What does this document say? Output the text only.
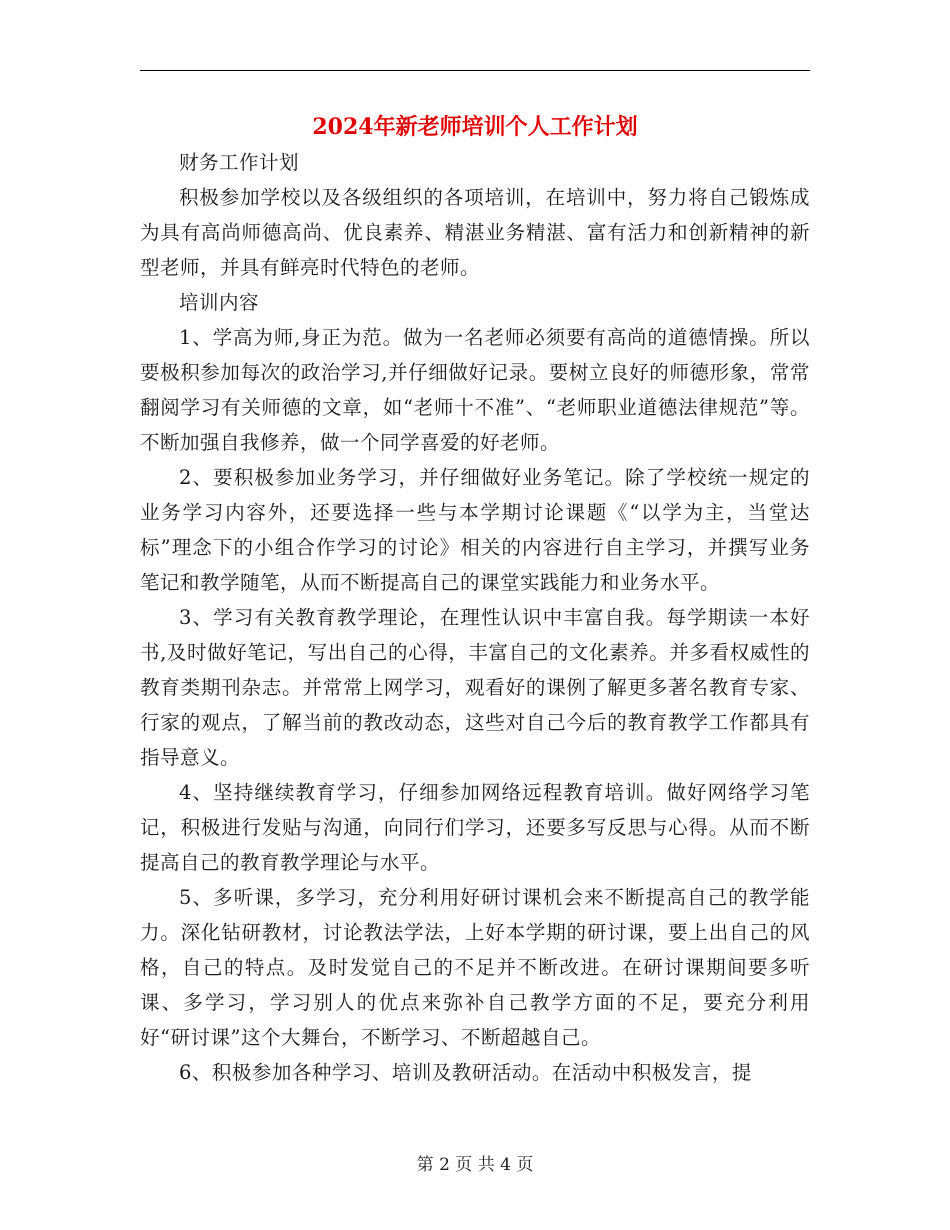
2024年新老师培训个人工作计划

财务工作计划

积极参加学校以及各级组织的各项培训，在培训中，努力将自己锻炼成为具有高尚师德高尚、优良素养、精湛业务精湛、富有活力和创新精神的新型老师，并具有鲜亮时代特色的老师。

培训内容

1、学高为师,身正为范。做为一名老师必须要有高尚的道德情操。所以要极积参加每次的政治学习,并仔细做好记录。要树立良好的师德形象，常常翻阅学习有关师德的文章，如“老师十不准”、“老师职业道德法律规范”等。不断加强自我修养，做一个同学喜爱的好老师。

2、要积极参加业务学习，并仔细做好业务笔记。除了学校统一规定的业务学习内容外，还要选择一些与本学期讨论课题《“以学为主，当堂达标”理念下的小组合作学习的讨论》相关的内容进行自主学习，并撰写业务笔记和教学随笔，从而不断提高自己的课堂实践能力和业务水平。

3、学习有关教育教学理论，在理性认识中丰富自我。每学期读一本好书,及时做好笔记，写出自己的心得，丰富自己的文化素养。并多看权威性的教育类期刊杂志。并常常上网学习，观看好的课例了解更多著名教育专家、行家的观点，了解当前的教改动态，这些对自己今后的教育教学工作都具有指导意义。

4、坚持继续教育学习，仔细参加网络远程教育培训。做好网络学习笔记，积极进行发贴与沟通，向同行们学习，还要多写反思与心得。从而不断提高自己的教育教学理论与水平。

5、多听课，多学习，充分利用好研讨课机会来不断提高自己的教学能力。深化钻研教材，讨论教法学法，上好本学期的研讨课，要上出自己的风格，自己的特点。及时发觉自己的不足并不断改进。在研讨课期间要多听课、多学习，学习别人的优点来弥补自己教学方面的不足，要充分利用好“研讨课”这个大舞台，不断学习、不断超越自己。

6、积极参加各种学习、培训及教研活动。在活动中积极发言，提

第 2 页 共 4 页
